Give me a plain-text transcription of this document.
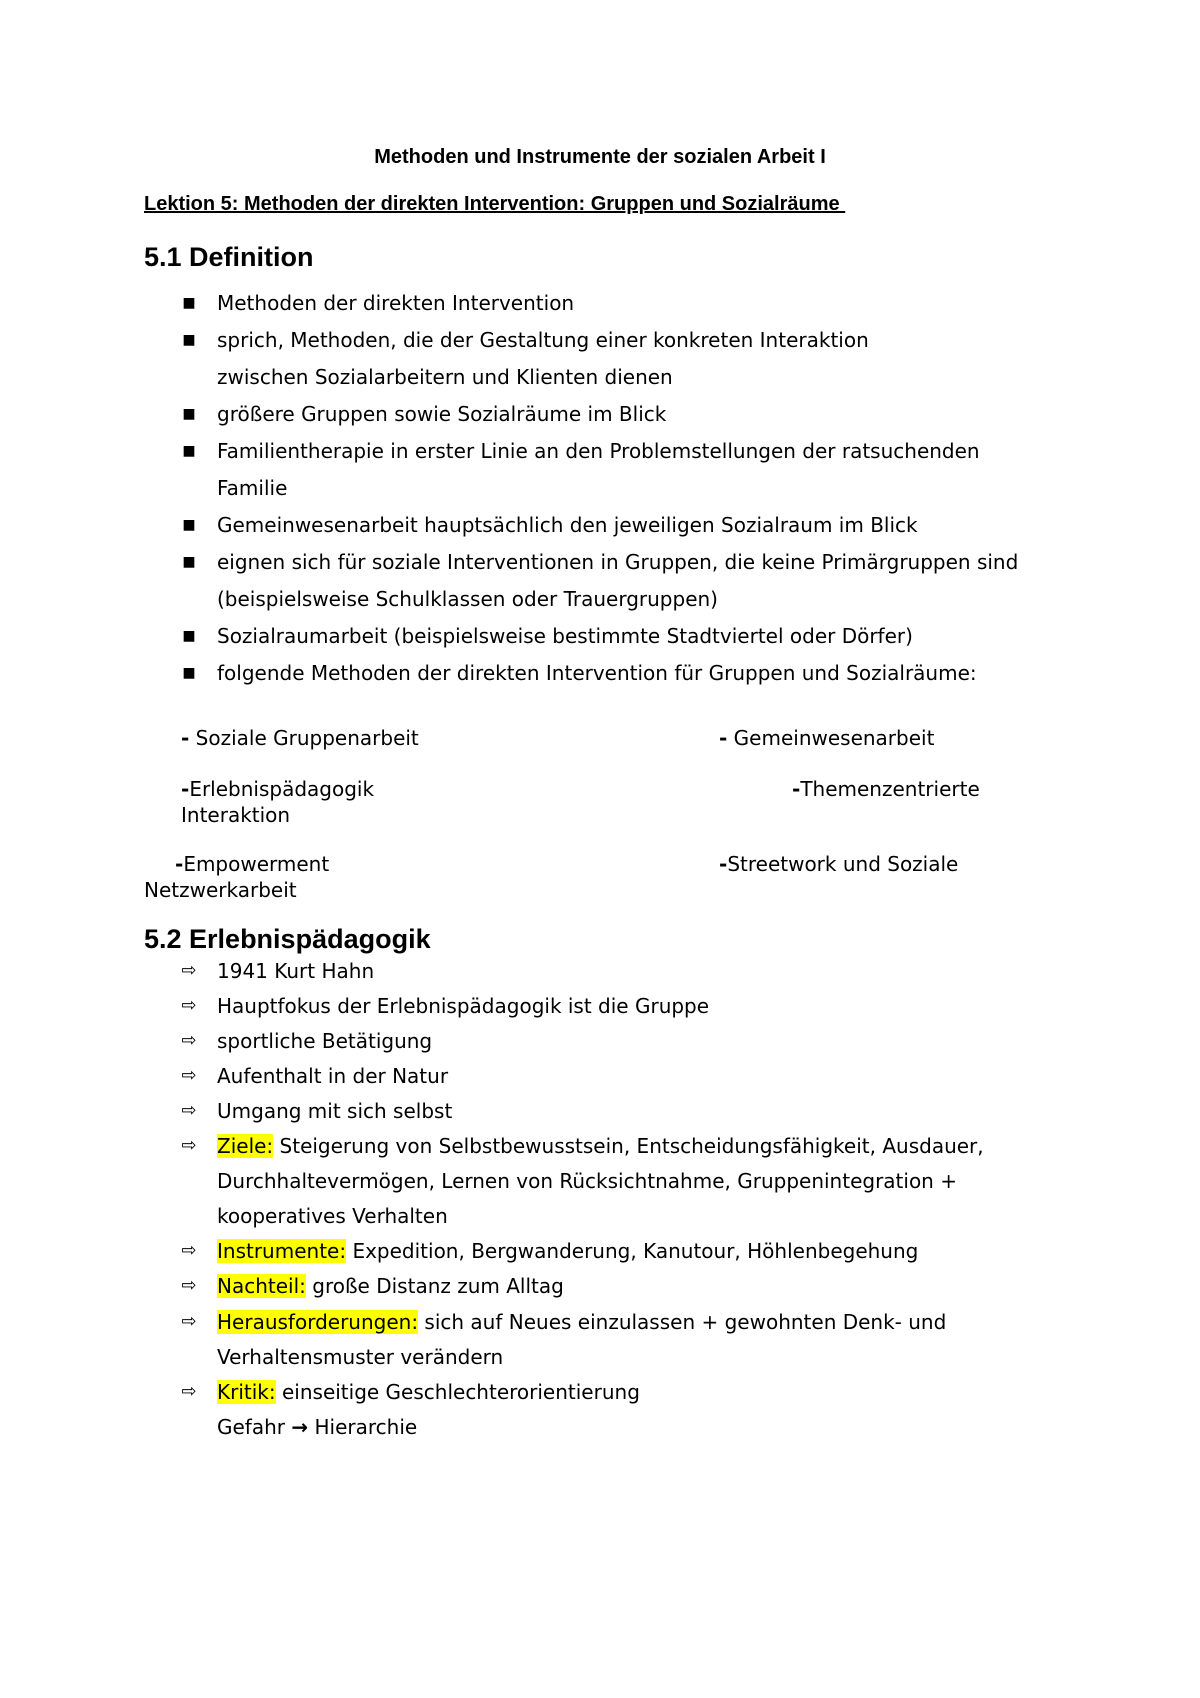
Methoden und Instrumente der sozialen Arbeit I
Lektion 5: Methoden der direkten Intervention: Gruppen und Sozialräume
5.1 Definition
■ Methoden der direkten Intervention
■ sprich, Methoden, die der Gestaltung einer konkreten Interaktion
zwischen Sozialarbeitern und Klienten dienen
■ größere Gruppen sowie Sozialräume im Blick
■ Familientherapie in erster Linie an den Problemstellungen der ratsuchenden
Familie
■ Gemeinwesenarbeit hauptsächlich den jeweiligen Sozialraum im Blick
■ eignen sich für soziale Interventionen in Gruppen, die keine Primärgruppen sind
(beispielsweise Schulklassen oder Trauergruppen)
■ Sozialraumarbeit (beispielsweise bestimmte Stadtviertel oder Dörfer)
■ folgende Methoden der direkten Intervention für Gruppen und Sozialräume:
- Soziale Gruppenarbeit	- Gemeinwesenarbeit
-Erlebnispädagogik	-Themenzentrierte
Interaktion
-Empowerment	-Streetwork und Soziale
Netzwerkarbeit
5.2 Erlebnispädagogik
⇨ 1941 Kurt Hahn
⇨ Hauptfokus der Erlebnispädagogik ist die Gruppe
⇨ sportliche Betätigung
⇨ Aufenthalt in der Natur
⇨ Umgang mit sich selbst
⇨ Ziele: Steigerung von Selbstbewusstsein, Entscheidungsfähigkeit, Ausdauer,
Durchhaltevermögen, Lernen von Rücksichtnahme, Gruppenintegration +
kooperatives Verhalten
⇨ Instrumente: Expedition, Bergwanderung, Kanutour, Höhlenbegehung
⇨ Nachteil: große Distanz zum Alltag
⇨ Herausforderungen: sich auf Neues einzulassen + gewohnten Denk- und
Verhaltensmuster verändern
⇨ Kritik: einseitige Geschlechterorientierung
Gefahr → Hierarchie
